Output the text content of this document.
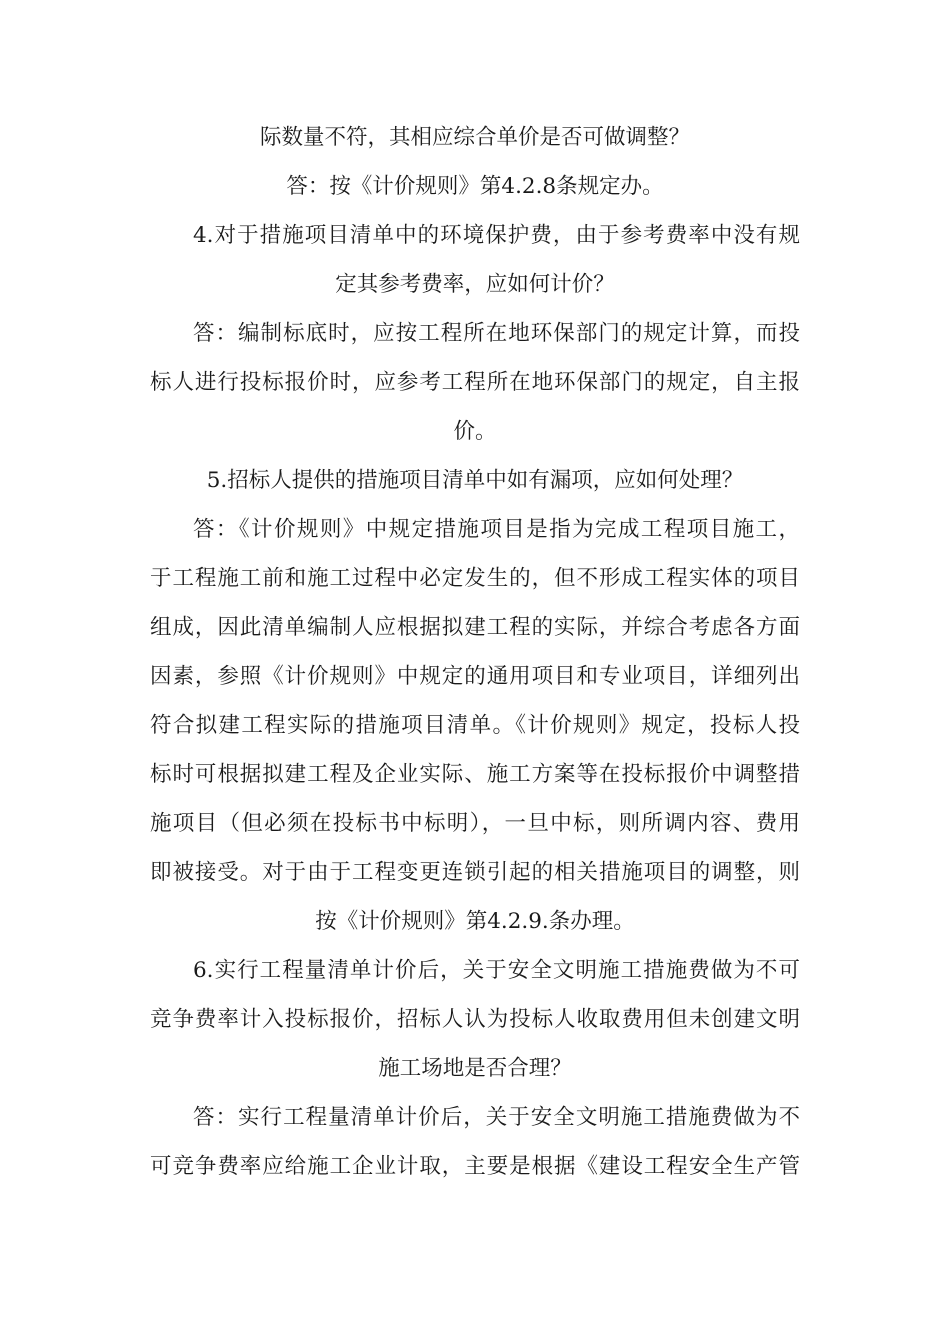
际数量不符，其相应综合单价是否可做调整？
答：按《计价规则》第4.2.8条规定办。
4.对于措施项目清单中的环境保护费，由于参考费率中没有规
定其参考费率，应如何计价？
答：编制标底时，应按工程所在地环保部门的规定计算，而投
标人进行投标报价时，应参考工程所在地环保部门的规定，自主报
价。
5.招标人提供的措施项目清单中如有漏项，应如何处理？
答：《计价规则》中规定措施项目是指为完成工程项目施工，
于工程施工前和施工过程中必定发生的，但不形成工程实体的项目
组成，因此清单编制人应根据拟建工程的实际，并综合考虑各方面
因素，参照《计价规则》中规定的通用项目和专业项目，详细列出
符合拟建工程实际的措施项目清单。《计价规则》规定，投标人投
标时可根据拟建工程及企业实际、施工方案等在投标报价中调整措
施项目（但必须在投标书中标明），一旦中标，则所调内容、费用
即被接受。对于由于工程变更连锁引起的相关措施项目的调整，则
按《计价规则》第4.2.9.条办理。
6.实行工程量清单计价后，关于安全文明施工措施费做为不可
竞争费率计入投标报价，招标人认为投标人收取费用但未创建文明
施工场地是否合理？
答：实行工程量清单计价后，关于安全文明施工措施费做为不
可竞争费率应给施工企业计取，主要是根据《建设工程安全生产管
